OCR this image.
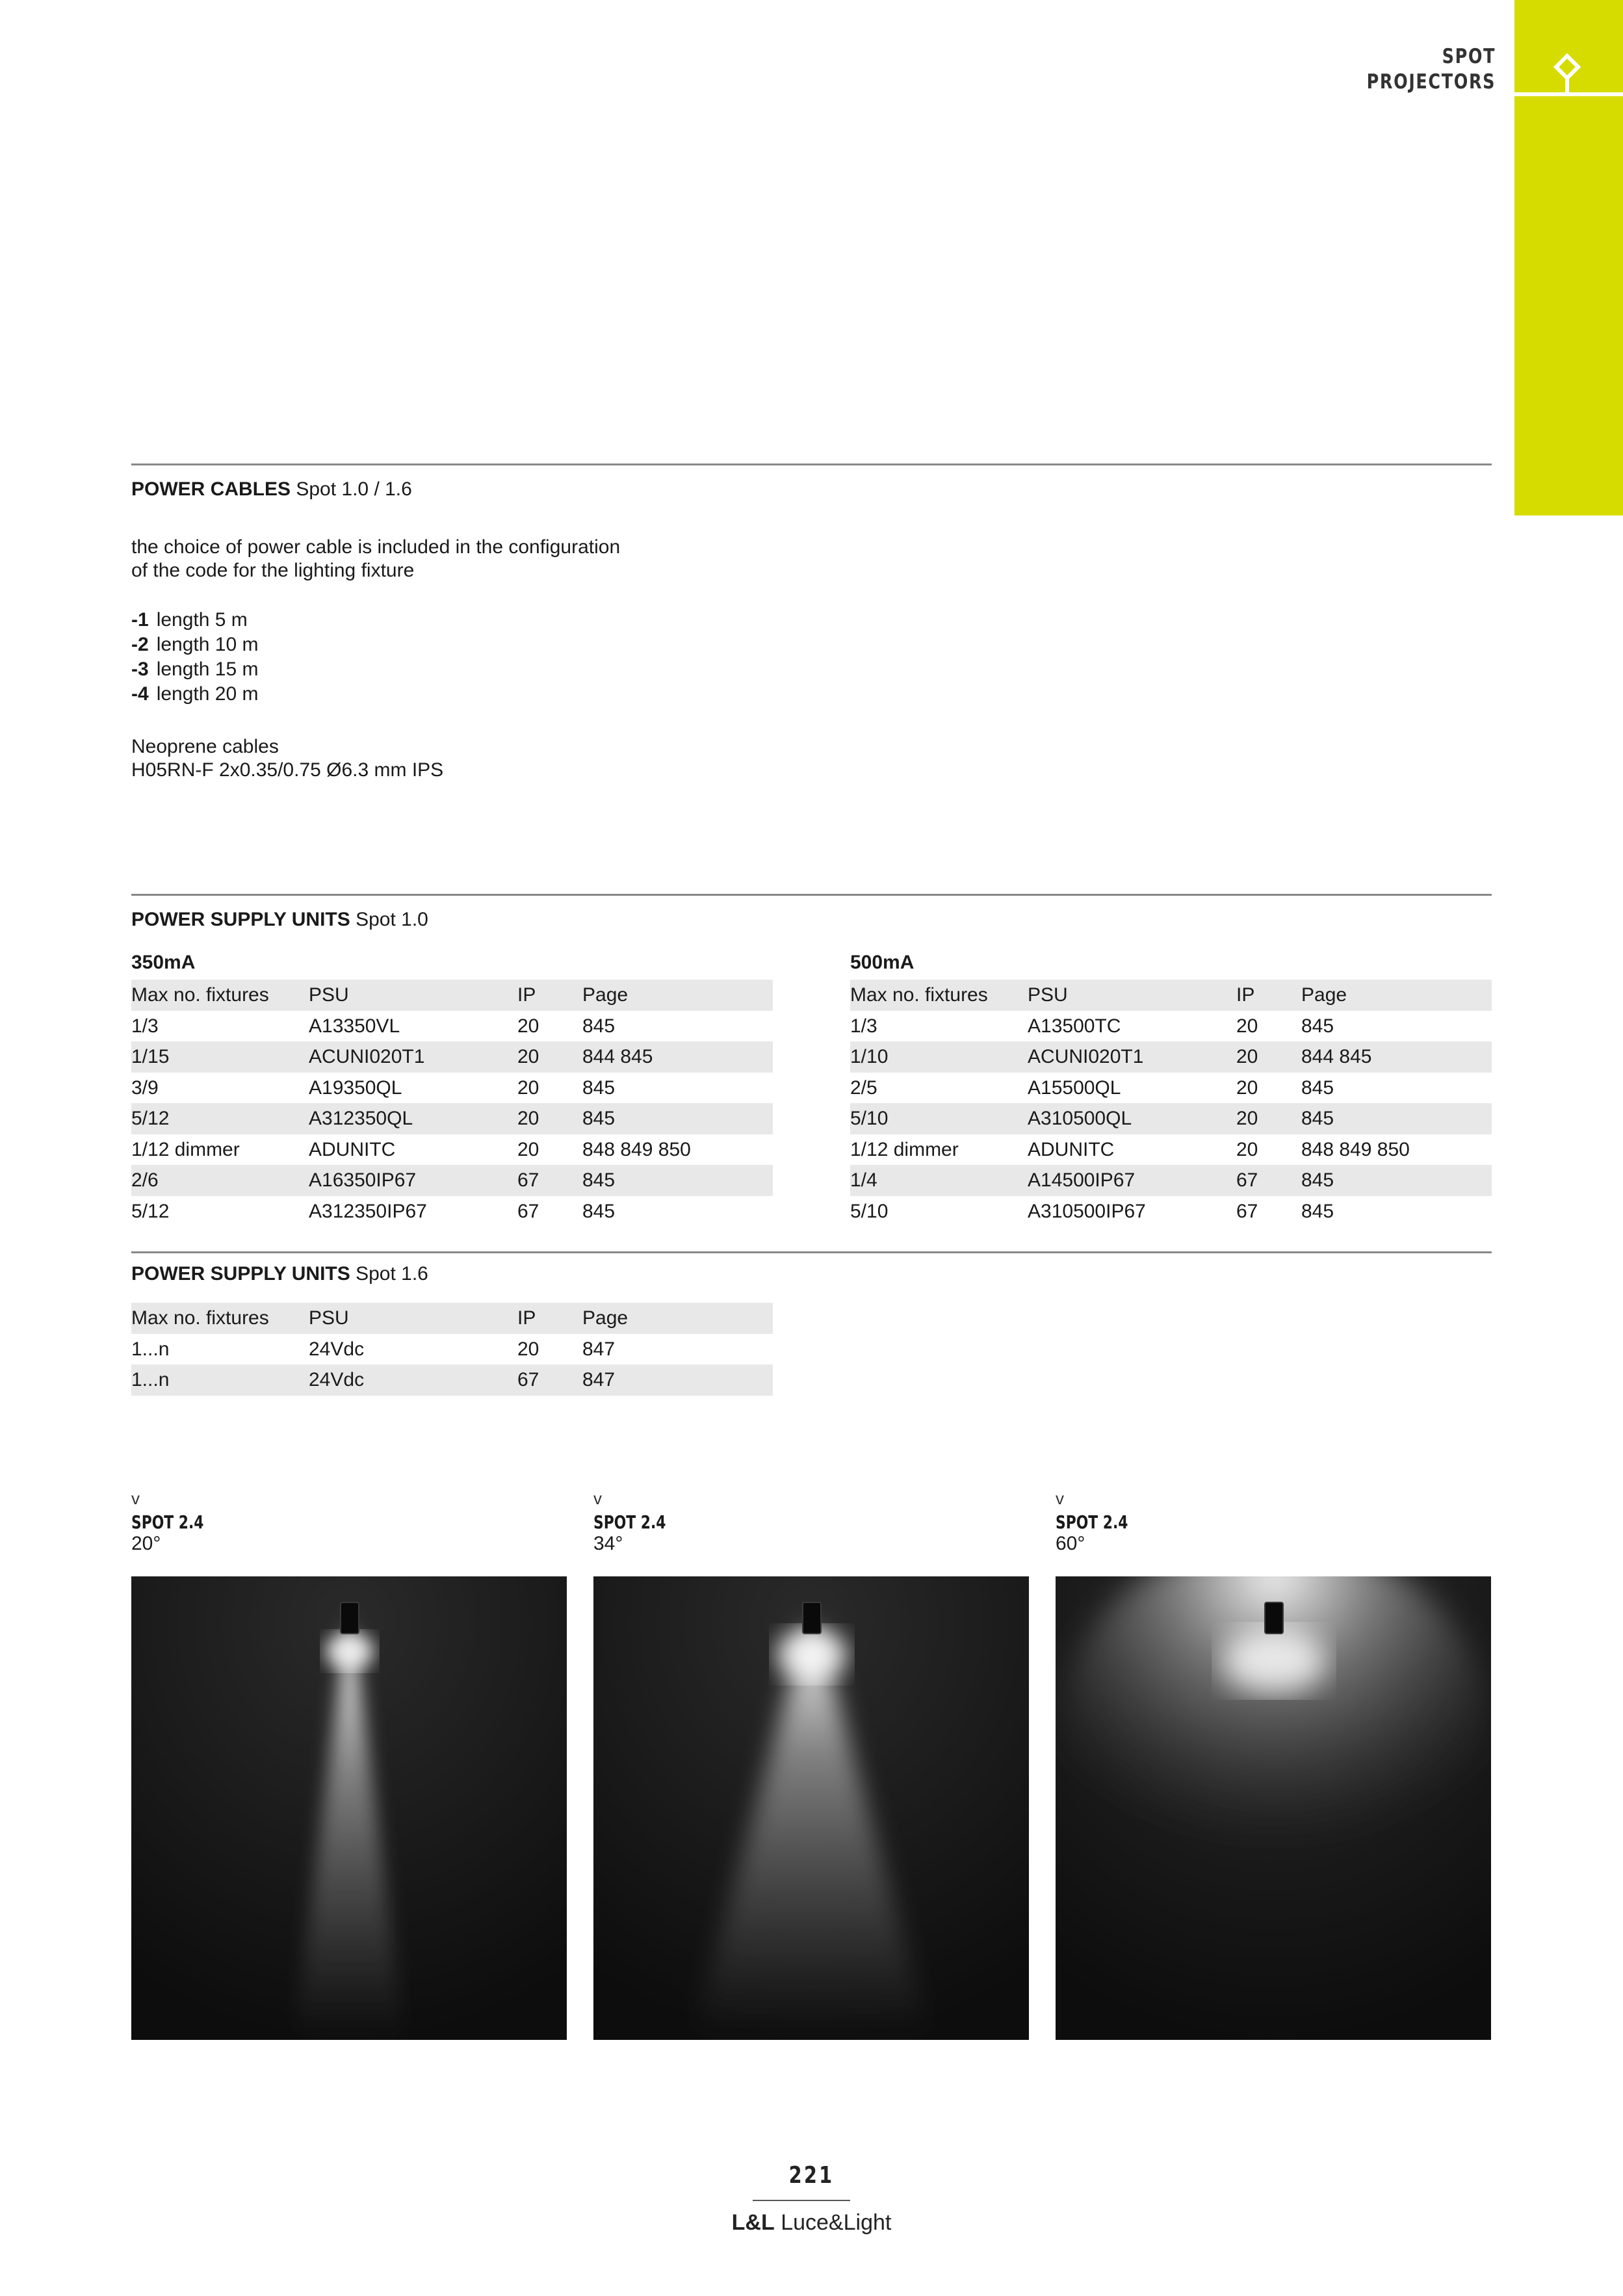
SPOT
PROJECTORS
POWER CABLES Spot 1.0 / 1.6
the choice of power cable is included in the configuration
of the code for the lighting fixture
-1 length 5 m
-2 length 10 m
-3 length 15 m
-4 length 20 m
Neoprene cables
H05RN-F 2x0.35/0.75 Ø6.3 mm IPS
POWER SUPPLY UNITS Spot 1.0
350mA
Max no. fixtures PSU	IP Page
1/3	A13350VL	20 845
1/15	ACUNI020T1	20 844 845
3/9	A19350QL	20 845
5/12	A312350QL	20 845
1/12 dimmer	ADUNITC	20 848 849 850
2/6	A16350IP67	67 845
5/12	A312350IP67	67 845
500mA
Max no. fixtures PSU	IP Page
1/3	A13500TC	20 845
1/10	ACUNI020T1	20 844 845
2/5	A15500QL	20 845
5/10	A310500QL	20 845
1/12 dimmer	ADUNITC	20 848 849 850
1/4	A14500IP67	67 845
5/10	A310500IP67	67 845
POWER SUPPLY UNITS Spot 1.6
Max no. fixtures PSU	IP Page
1...n	24Vdc	20 847
1...n	24Vdc	67 847
v
SPOT 2.4
20°
v
SPOT 2.4
34°
v
SPOT 2.4
60°
221
L&L Luce&Light
